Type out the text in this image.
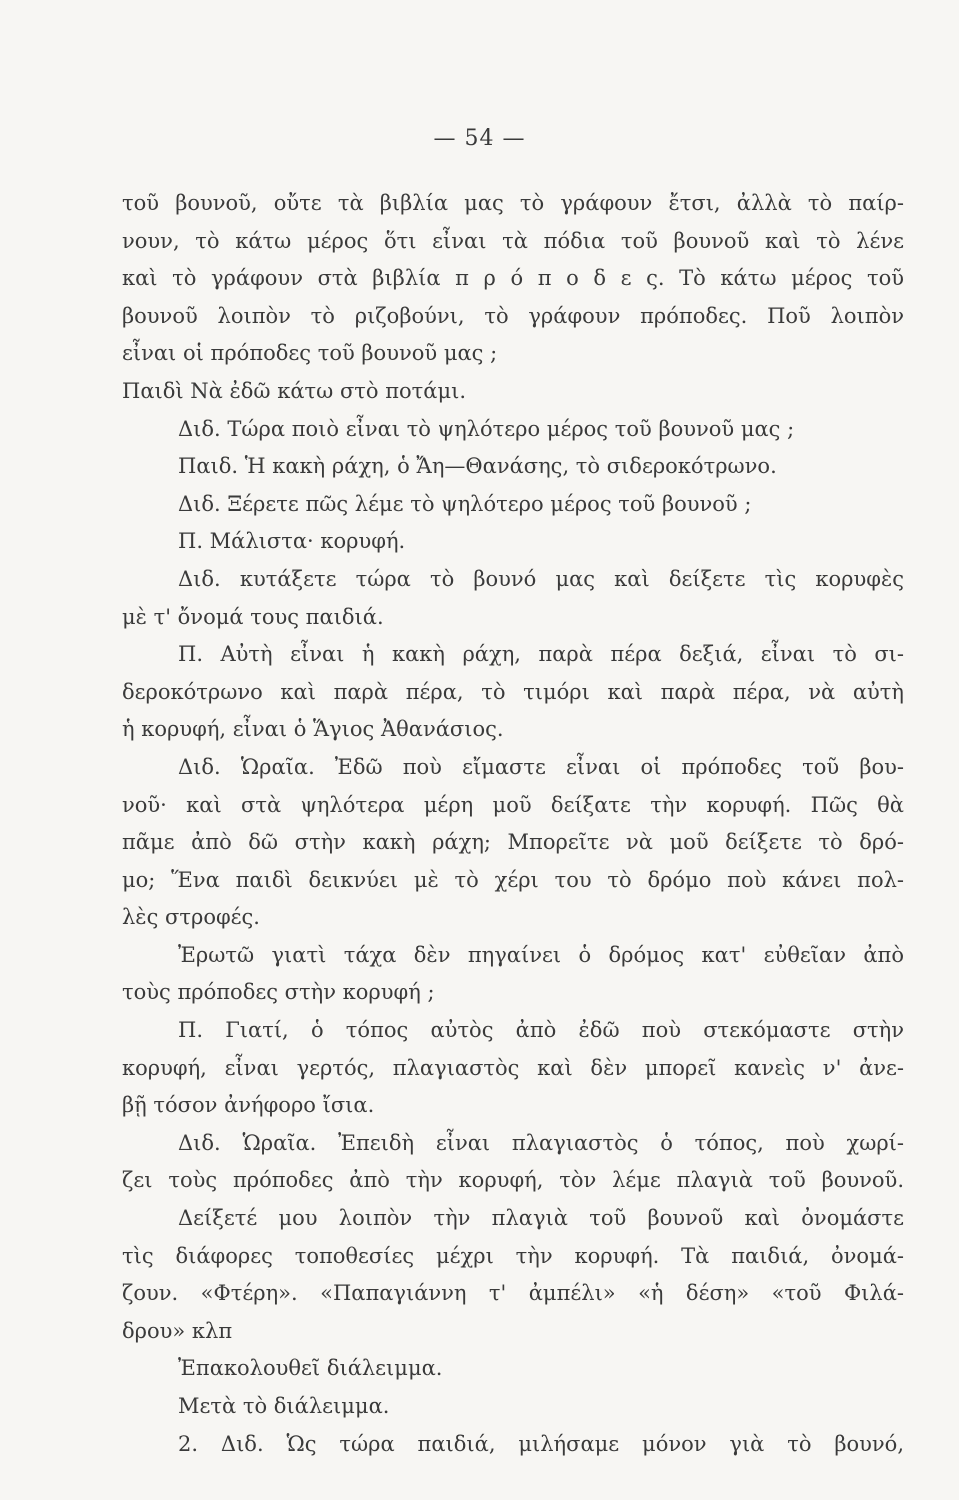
— 54 —
τοῦ βουνοῦ, οὔτε τὰ βιβλία μας τὸ γράφουν ἔτσι, ἀλλὰ τὸ παίρ-
νουν, τὸ κάτω μέρος ὅτι εἶναι τὰ πόδια τοῦ βουνοῦ καὶ τὸ λένε
καὶ τὸ γράφουν στὰ βιβλία π ρ ό π ο δ ε ς. Τὸ κάτω μέρος τοῦ
βουνοῦ λοιπὸν τὸ ριζοβούνι, τὸ γράφουν πρόποδες. Ποῦ λοιπὸν
εἶναι οἱ πρόποδες τοῦ βουνοῦ μας ;
Παιδὶ Νὰ ἐδῶ κάτω στὸ ποτάμι.
Διδ. Τώρα ποιὸ εἶναι τὸ ψηλότερο μέρος τοῦ βουνοῦ μας ;
Παιδ. Ἡ κακὴ ράχη, ὁ Ἄη—Θανάσης, τὸ σιδεροκότρωνο.
Διδ. Ξέρετε πῶς λέμε τὸ ψηλότερο μέρος τοῦ βουνοῦ ;
Π. Μάλιστα· κορυφή.
Διδ. κυτάξετε τώρα τὸ βουνό μας καὶ δείξετε τὶς κορυφὲς
μὲ τ' ὄνομά τους παιδιά.
Π. Αὐτὴ εἶναι ἡ κακὴ ράχη, παρὰ πέρα δεξιά, εἶναι τὸ σι-
δεροκότρωνο καὶ παρὰ πέρα, τὸ τιμόρι καὶ παρὰ πέρα, νὰ αὐτὴ
ἡ κορυφή, εἶναι ὁ Ἅγιος Ἀθανάσιος.
Διδ. Ὡραῖα. Ἐδῶ ποὺ εἴμαστε εἶναι οἱ πρόποδες τοῦ βου-
νοῦ· καὶ στὰ ψηλότερα μέρη μοῦ δείξατε τὴν κορυφή. Πῶς θὰ
πᾶμε ἀπὸ δῶ στὴν κακὴ ράχη; Μπορεῖτε νὰ μοῦ δείξετε τὸ δρό-
μο; Ἕνα παιδὶ δεικνύει μὲ τὸ χέρι του τὸ δρόμο ποὺ κάνει πολ-
λὲς στροφές.
Ἐρωτῶ γιατὶ τάχα δὲν πηγαίνει ὁ δρόμος κατ' εὐθεῖαν ἀπὸ
τοὺς πρόποδες στὴν κορυφή ;
Π. Γιατί, ὁ τόπος αὐτὸς ἀπὸ ἐδῶ ποὺ στεκόμαστε στὴν
κορυφή, εἶναι γερτός, πλαγιαστὸς καὶ δὲν μπορεῖ κανεὶς ν' ἀνε-
βῇ τόσον ἀνήφορο ἴσια.
Διδ. Ὡραῖα. Ἐπειδὴ εἶναι πλαγιαστὸς ὁ τόπος, ποὺ χωρί-
ζει τοὺς πρόποδες ἀπὸ τὴν κορυφή, τὸν λέμε πλαγιὰ τοῦ βουνοῦ.
Δείξετέ μου λοιπὸν τὴν πλαγιὰ τοῦ βουνοῦ καὶ ὀνομάστε
τὶς διάφορες τοποθεσίες μέχρι τὴν κορυφή. Τὰ παιδιά, ὀνομά-
ζουν. «Φτέρη». «Παπαγιάννη τ' ἀμπέλι» «ἡ δέση» «τοῦ Φιλά-
δρου» κλπ
Ἐπακολουθεῖ διάλειμμα.
Μετὰ τὸ διάλειμμα.
2. Διδ. Ὡς τώρα παιδιά, μιλήσαμε μόνον γιὰ τὸ βουνό,
